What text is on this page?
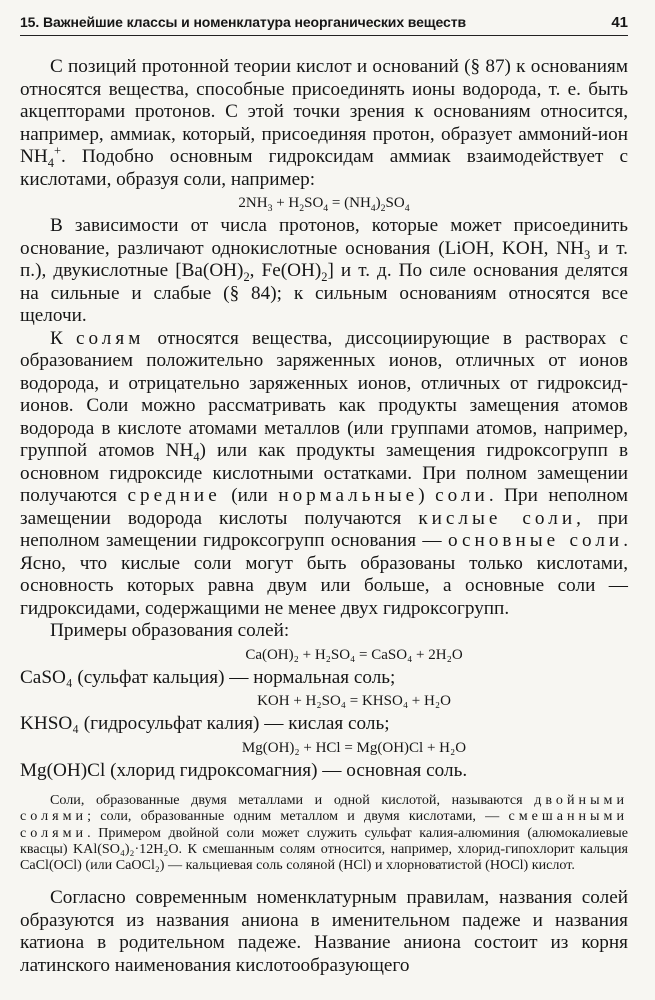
15. Важнейшие классы и номенклатура неорганических веществ	41

С позиций протонной теории кислот и оснований (§ 87) к основаниям относятся вещества, способные присоединять ионы водорода, т. е. быть акцепторами протонов. С этой точки зрения к основаниям относится, например, аммиак, который, присоединяя протон, образует аммоний-ион $NH_4^+$. Подобно основным гидроксидам аммиак взаимодействует с кислотами, образуя соли, например:

$2NH_3 + H_2SO_4 = (NH_4)_2SO_4$

В зависимости от числа протонов, которые может присоединить основание, различают однокислотные основания (LiOH, KOH, $NH_3$ и т. п.), двукислотные [$Ba(OH)_2$, $Fe(OH)_2$] и т. д. По силе основания делятся на сильные и слабые (§ 84); к сильным основаниям относятся все щелочи.

К солям относятся вещества, диссоциирующие в растворах с образованием положительно заряженных ионов, отличных от ионов водорода, и отрицательно заряженных ионов, отличных от гидроксид-ионов. Соли можно рассматривать как продукты замещения атомов водорода в кислоте атомами металлов (или группами атомов, например, группой атомов $NH_4$) или как продукты замещения гидроксогрупп в основном гидроксиде кислотными остатками. При полном замещении получаются средние (или нормальные) соли. При неполном замещении водорода кислоты получаются кислые соли, при неполном замещении гидроксогрупп основания — основные соли. Ясно, что кислые соли могут быть образованы только кислотами, основность которых равна двум или больше, а основные соли — гидроксидами, содержащими не менее двух гидроксогрупп.

Примеры образования солей:

Ca(OH)₂ + H₂SO₄ = CaSO₄ + 2H₂O
CaSO₄ (сульфат кальция) — нормальная соль;
KOH + H₂SO₄ = KHSO₄ + H₂O
KHSO₄ (гидросульфат калия) — кислая соль;
Mg(OH)₂ + HCl = Mg(OH)Cl + H₂O
Mg(OH)Cl (хлорид гидроксомагния) — основная соль.

Соли, образованные двумя металлами и одной кислотой, называются двойными солями; соли, образованные одним металлом и двумя кислотами, — смешанными солями. Примером двойной соли может служить сульфат калия-алюминия (алюмокалиевые квасцы) KAl(SO₄)₂·12H₂O. К смешанным солям относится, например, хлорид-гипохлорит кальция CaCl(OCl) (или CaOCl₂) — кальциевая соль соляной (HCl) и хлорноватистой (HOCl) кислот.

Согласно современным номенклатурным правилам, названия солей образуются из названия аниона в именительном падеже и названия катиона в родительном падеже. Название аниона состоит из корня латинского наименования кислотообразующего
